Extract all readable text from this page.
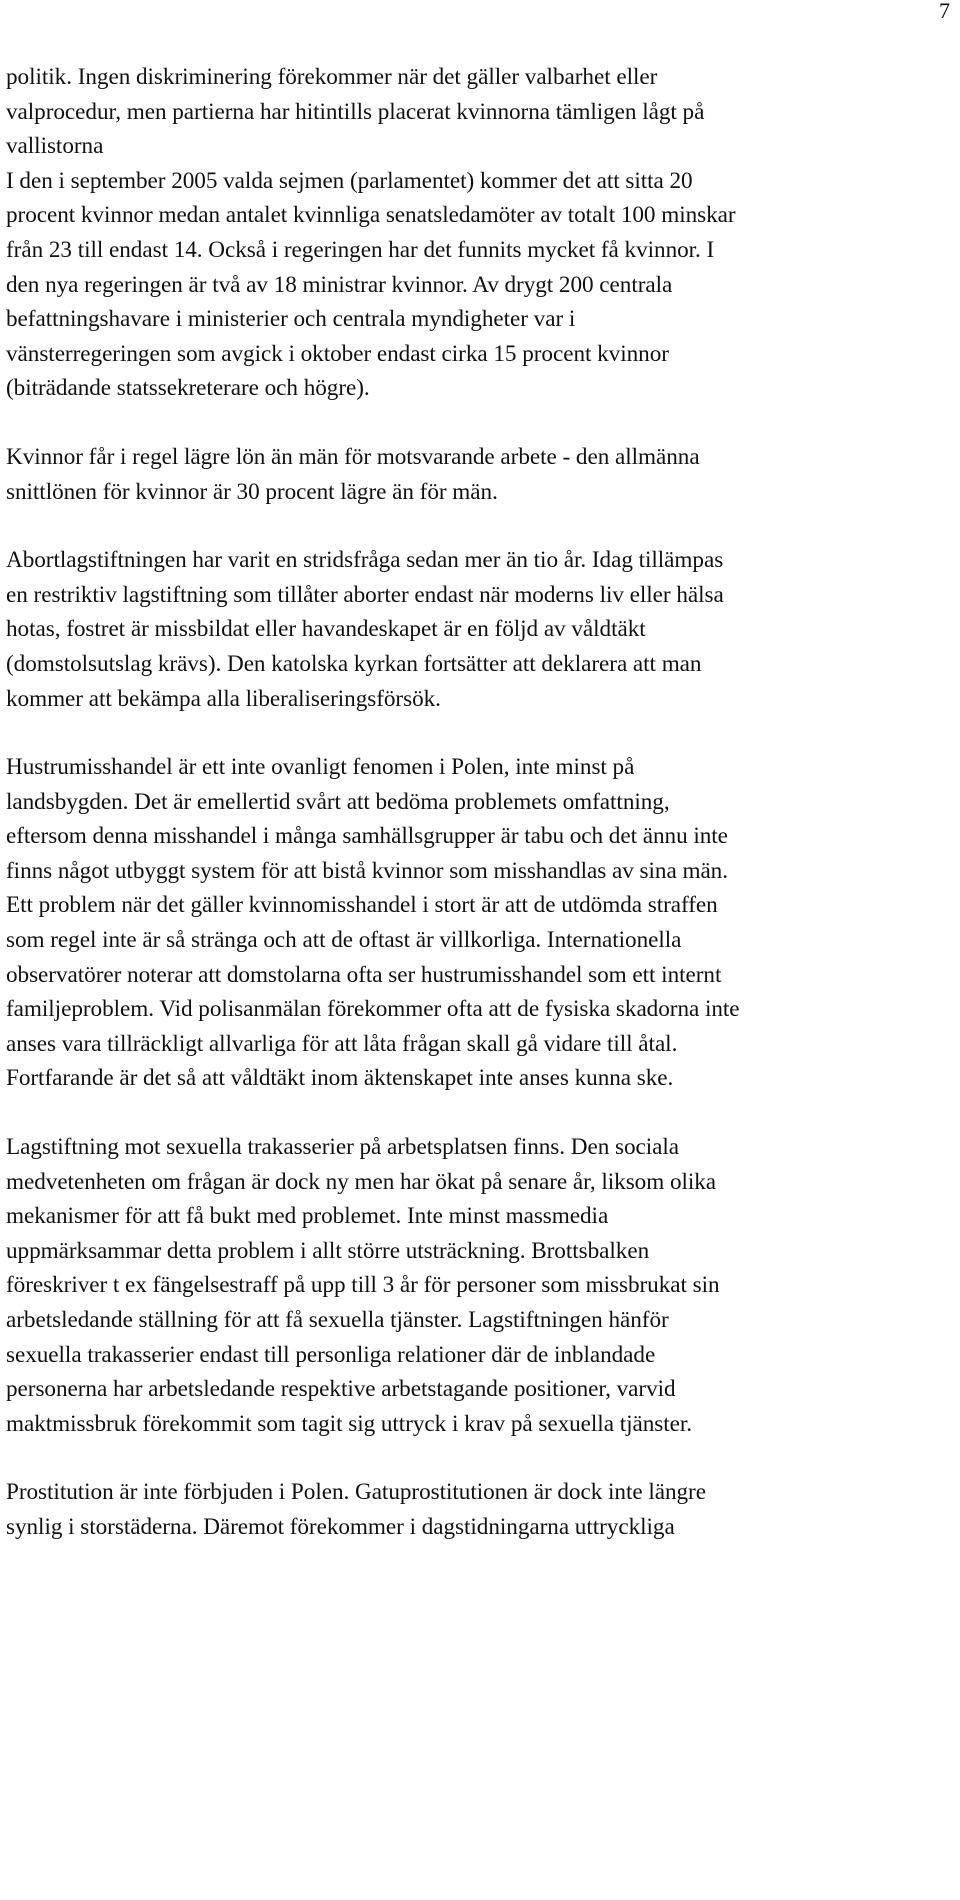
7

politik. Ingen diskriminering förekommer när det gäller valbarhet eller
valprocedur, men partierna har hitintills placerat kvinnorna tämligen lågt på
vallistorna

I den i september 2005 valda sejmen (parlamentet) kommer det att sitta 20
procent kvinnor medan antalet kvinnliga senatsledamöter av totalt 100 minskar
från 23 till endast 14. Också i regeringen har det funnits mycket få kvinnor. I
den nya regeringen är två av 18 ministrar kvinnor. Av drygt 200 centrala
befattningshavare i ministerier och centrala myndigheter var i
vänsterregeringen som avgick i oktober endast cirka 15 procent kvinnor
(biträdande statssekreterare och högre).

Kvinnor får i regel lägre lön än män för motsvarande arbete - den allmänna
snittlönen för kvinnor är 30 procent lägre än för män.

Abortlagstiftningen har varit en stridsfråga sedan mer än tio år. Idag tillämpas
en restriktiv lagstiftning som tillåter aborter endast när moderns liv eller hälsa
hotas, fostret är missbildat eller havandeskapet är en följd av våldtäkt
(domstolsutslag krävs). Den katolska kyrkan fortsätter att deklarera att man
kommer att bekämpa alla liberaliseringsförsök.

Hustrumisshandel är ett inte ovanligt fenomen i Polen, inte minst på
landsbygden. Det är emellertid svårt att bedöma problemets omfattning,
eftersom denna misshandel i många samhällsgrupper är tabu och det ännu inte
finns något utbyggt system för att bistå kvinnor som misshandlas av sina män.
Ett problem när det gäller kvinnomisshandel i stort är att de utdömda straffen
som regel inte är så stränga och att de oftast är villkorliga. Internationella
observatörer noterar att domstolarna ofta ser hustrumisshandel som ett internt
familjeproblem. Vid polisanmälan förekommer ofta att de fysiska skadorna inte
anses vara tillräckligt allvarliga för att låta frågan skall gå vidare till åtal.
Fortfarande är det så att våldtäkt inom äktenskapet inte anses kunna ske.

Lagstiftning mot sexuella trakasserier på arbetsplatsen finns. Den sociala
medvetenheten om frågan är dock ny men har ökat på senare år, liksom olika
mekanismer för att få bukt med problemet. Inte minst massmedia
uppmärksammar detta problem i allt större utsträckning. Brottsbalken
föreskriver t ex fängelsestraff på upp till 3 år för personer som missbrukat sin
arbetsledande ställning för att få sexuella tjänster. Lagstiftningen hänför
sexuella trakasserier endast till personliga relationer där de inblandade
personerna har arbetsledande respektive arbetstagande positioner, varvid
maktmissbruk förekommit som tagit sig uttryck i krav på sexuella tjänster.

Prostitution är inte förbjuden i Polen. Gatuprostitutionen är dock inte längre
synlig i storstäderna. Däremot förekommer i dagstidningarna uttryckliga
